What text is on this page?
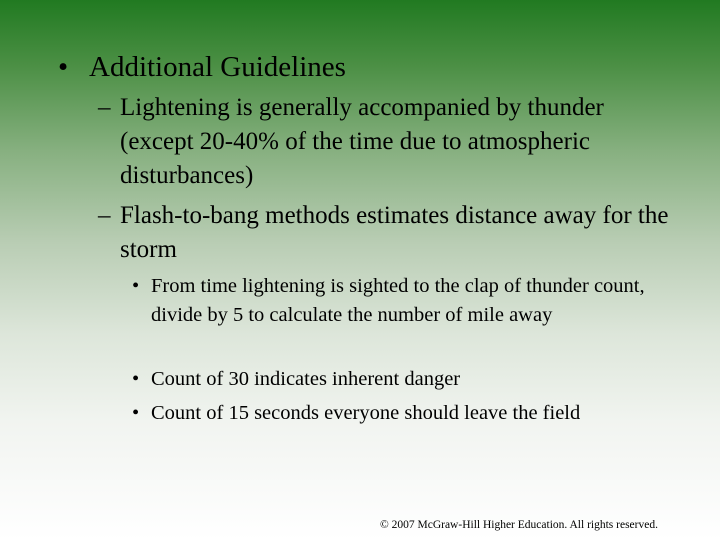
• Additional Guidelines
– Lightening is generally accompanied by thunder (except 20-40% of the time due to atmospheric disturbances)
– Flash-to-bang methods estimates distance away for the storm
• From time lightening is sighted to the clap of thunder count, divide by 5 to calculate the number of mile away
• Count of 30 indicates inherent danger
• Count of 15 seconds everyone should leave the field
© 2007 McGraw-Hill Higher Education. All rights reserved.
